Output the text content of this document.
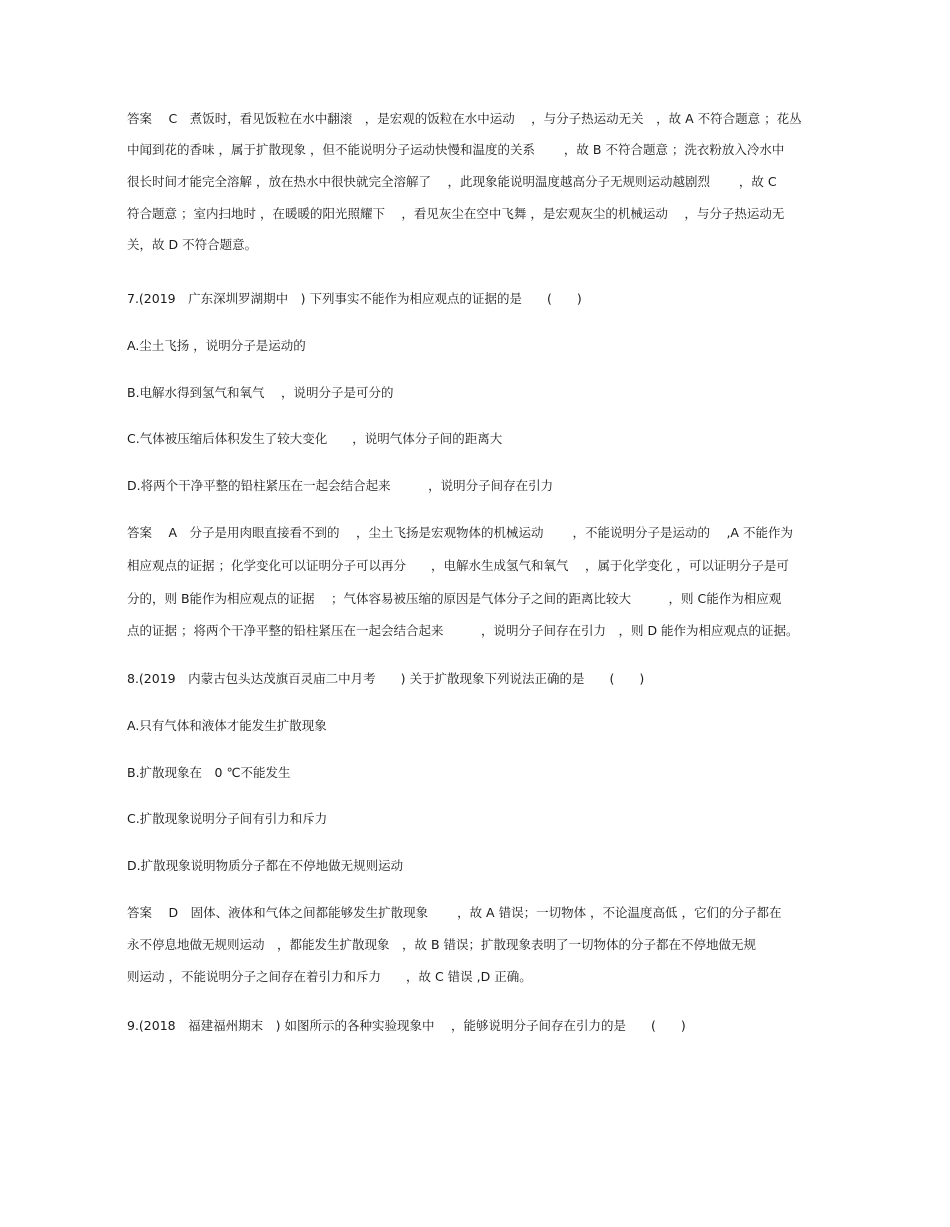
答案　 C　煮饭时，看见饭粒在水中翻滚　，是宏观的饭粒在水中运动　 ，与分子热运动无关　，故 A 不符合题意 ；花丛
中闻到花的香味 ，属于扩散现象 ，但不能说明分子运动快慢和温度的关系　　 ，故 B 不符合题意 ；洗衣粉放入冷水中
很长时间才能完全溶解 ，放在热水中很快就完全溶解了　 ，此现象能说明温度越高分子无规则运动越剧烈　　 ，故 C
符合题意 ；室内扫地时 ，在暖暖的阳光照耀下　 ，看见灰尘在空中飞舞 ，是宏观灰尘的机械运动　 ，与分子热运动无
关，故 D 不符合题意。
7.(2019　广东深圳罗湖期中　) 下列事实不能作为相应观点的证据的是　　(　　)
A.尘土飞扬 ，说明分子是运动的
B.电解水得到氢气和氧气　 ，说明分子是可分的
C.气体被压缩后体积发生了较大变化　　，说明气体分子间的距离大
D.将两个干净平整的铅柱紧压在一起会结合起来　　　，说明分子间存在引力
答案　 A　分子是用肉眼直接看不到的　 ，尘土飞扬是宏观物体的机械运动　　 ，不能说明分子是运动的　 ,A 不能作为
相应观点的证据 ；化学变化可以证明分子可以再分　　，电解水生成氢气和氧气　 ，属于化学变化 ，可以证明分子是可
分的，则 B能作为相应观点的证据　 ；气体容易被压缩的原因是气体分子之间的距离比较大　　　，则 C能作为相应观
点的证据 ；将两个干净平整的铅柱紧压在一起会结合起来　　　，说明分子间存在引力　，则 D 能作为相应观点的证据。
8.(2019　内蒙古包头达茂旗百灵庙二中月考　　) 关于扩散现象下列说法正确的是　　(　　)
A.只有气体和液体才能发生扩散现象
B.扩散现象在　0 ℃不能发生
C.扩散现象说明分子间有引力和斥力
D.扩散现象说明物质分子都在不停地做无规则运动
答案　 D　固体、液体和气体之间都能够发生扩散现象　　 ，故 A 错误；一切物体 ，不论温度高低 ，它们的分子都在
永不停息地做无规则运动　，都能发生扩散现象　，故 B 错误；扩散现象表明了一切物体的分子都在不停地做无规
则运动 ，不能说明分子之间存在着引力和斥力　　，故 C 错误 ,D 正确。
9.(2018　福建福州期末　) 如图所示的各种实验现象中　 ，能够说明分子间存在引力的是　　(　　)
